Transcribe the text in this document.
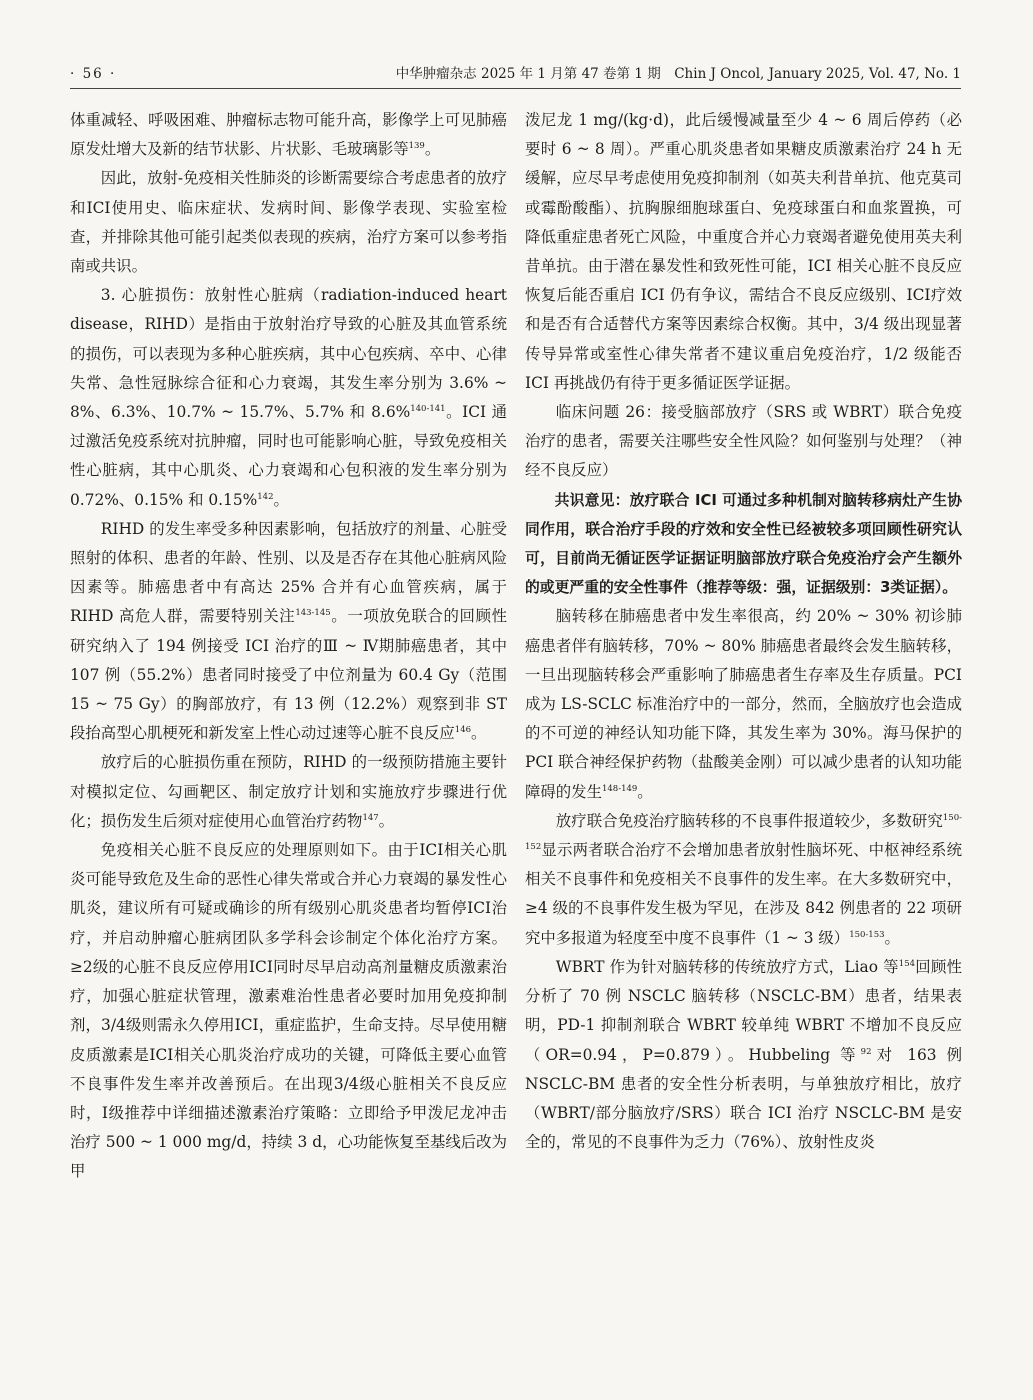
· 56 ·	中华肿瘤杂志 2025 年 1 月第 47 卷第 1 期　Chin J Oncol, January 2025, Vol. 47, No. 1

体重减轻、呼吸困难、肿瘤标志物可能升高，影像学上可见肺癌原发灶增大及新的结节状影、片状影、毛玻璃影等$^{139}$。

因此，放射-免疫相关性肺炎的诊断需要综合考虑患者的放疗和ICI使用史、临床症状、发病时间、影像学表现、实验室检查，并排除其他可能引起类似表现的疾病，治疗方案可以参考指南或共识。

3. 心脏损伤：放射性心脏病（radiation-induced heart disease，RIHD）是指由于放射治疗导致的心脏及其血管系统的损伤，可以表现为多种心脏疾病，其中心包疾病、卒中、心律失常、急性冠脉综合征和心力衰竭，其发生率分别为 3.6% ~ 8%、6.3%、10.7% ~ 15.7%、5.7% 和 8.6%$^{140-141}$。ICI 通过激活免疫系统对抗肿瘤，同时也可能影响心脏，导致免疫相关性心脏病，其中心肌炎、心力衰竭和心包积液的发生率分别为 0.72%、0.15% 和 0.15%$^{142}$。

RIHD 的发生率受多种因素影响，包括放疗的剂量、心脏受照射的体积、患者的年龄、性别、以及是否存在其他心脏病风险因素等。肺癌患者中有高达 25% 合并有心血管疾病，属于 RIHD 高危人群，需要特别关注$^{143-145}$。一项放免联合的回顾性研究纳入了 194 例接受 ICI 治疗的Ⅲ ~ Ⅳ期肺癌患者，其中 107 例（55.2%）患者同时接受了中位剂量为 60.4 Gy（范围 15 ~ 75 Gy）的胸部放疗，有 13 例（12.2%）观察到非 ST 段抬高型心肌梗死和新发室上性心动过速等心脏不良反应$^{146}$。

放疗后的心脏损伤重在预防，RIHD 的一级预防措施主要针对模拟定位、勾画靶区、制定放疗计划和实施放疗步骤进行优化；损伤发生后须对症使用心血管治疗药物$^{147}$。

免疫相关心脏不良反应的处理原则如下。由于ICI相关心肌炎可能导致危及生命的恶性心律失常或合并心力衰竭的暴发性心肌炎，建议所有可疑或确诊的所有级别心肌炎患者均暂停ICI治疗，并启动肿瘤心脏病团队多学科会诊制定个体化治疗方案。≥2级的心脏不良反应停用ICI同时尽早启动高剂量糖皮质激素治疗，加强心脏症状管理，激素难治性患者必要时加用免疫抑制剂，3/4级则需永久停用ICI，重症监护，生命支持。尽早使用糖皮质激素是ICI相关心肌炎治疗成功的关键，可降低主要心血管不良事件发生率并改善预后。在出现3/4级心脏相关不良反应时，Ⅰ级推荐中详细描述激素治疗策略：立即给予甲泼尼龙冲击治疗 500 ~ 1 000 mg/d，持续 3 d，心功能恢复至基线后改为甲

泼尼龙 1 mg/(kg·d)，此后缓慢减量至少 4 ~ 6 周后停药（必要时 6 ~ 8 周）。严重心肌炎患者如果糖皮质激素治疗 24 h 无缓解，应尽早考虑使用免疫抑制剂（如英夫利昔单抗、他克莫司或霉酚酸酯）、抗胸腺细胞球蛋白、免疫球蛋白和血浆置换，可降低重症患者死亡风险，中重度合并心力衰竭者避免使用英夫利昔单抗。由于潜在暴发性和致死性可能，ICI 相关心脏不良反应恢复后能否重启 ICI 仍有争议，需结合不良反应级别、ICI疗效和是否有合适替代方案等因素综合权衡。其中，3/4 级出现显著传导异常或室性心律失常者不建议重启免疫治疗，1/2 级能否 ICI 再挑战仍有待于更多循证医学证据。

临床问题 26：接受脑部放疗（SRS 或 WBRT）联合免疫治疗的患者，需要关注哪些安全性风险？如何鉴别与处理？（神经不良反应）

共识意见：放疗联合 ICI 可通过多种机制对脑转移病灶产生协同作用，联合治疗手段的疗效和安全性已经被较多项回顾性研究认可，目前尚无循证医学证据证明脑部放疗联合免疫治疗会产生额外的或更严重的安全性事件（推荐等级：强，证据级别：3类证据）。

脑转移在肺癌患者中发生率很高，约 20% ~ 30% 初诊肺癌患者伴有脑转移，70% ~ 80% 肺癌患者最终会发生脑转移，一旦出现脑转移会严重影响了肺癌患者生存率及生存质量。PCI 成为 LS-SCLC 标准治疗中的一部分，然而，全脑放疗也会造成的不可逆的神经认知功能下降，其发生率为 30%。海马保护的 PCI 联合神经保护药物（盐酸美金刚）可以减少患者的认知功能障碍的发生$^{148-149}$。

放疗联合免疫治疗脑转移的不良事件报道较少，多数研究$^{150-152}$显示两者联合治疗不会增加患者放射性脑坏死、中枢神经系统相关不良事件和免疫相关不良事件的发生率。在大多数研究中，≥4 级的不良事件发生极为罕见，在涉及 842 例患者的 22 项研究中多报道为轻度至中度不良事件（1 ~ 3 级）$^{150-153}$。

WBRT 作为针对脑转移的传统放疗方式，Liao 等$^{154}$回顾性分析了 70 例 NSCLC 脑转移（NSCLC-BM）患者，结果表明，PD-1 抑制剂联合 WBRT 较单纯 WBRT 不增加不良反应（OR=0.94，P=0.879）。Hubbeling 等$^{92}$对 163 例 NSCLC-BM 患者的安全性分析表明，与单独放疗相比，放疗（WBRT/部分脑放疗/SRS）联合 ICI 治疗 NSCLC-BM 是安全的，常见的不良事件为乏力（76%）、放射性皮炎
